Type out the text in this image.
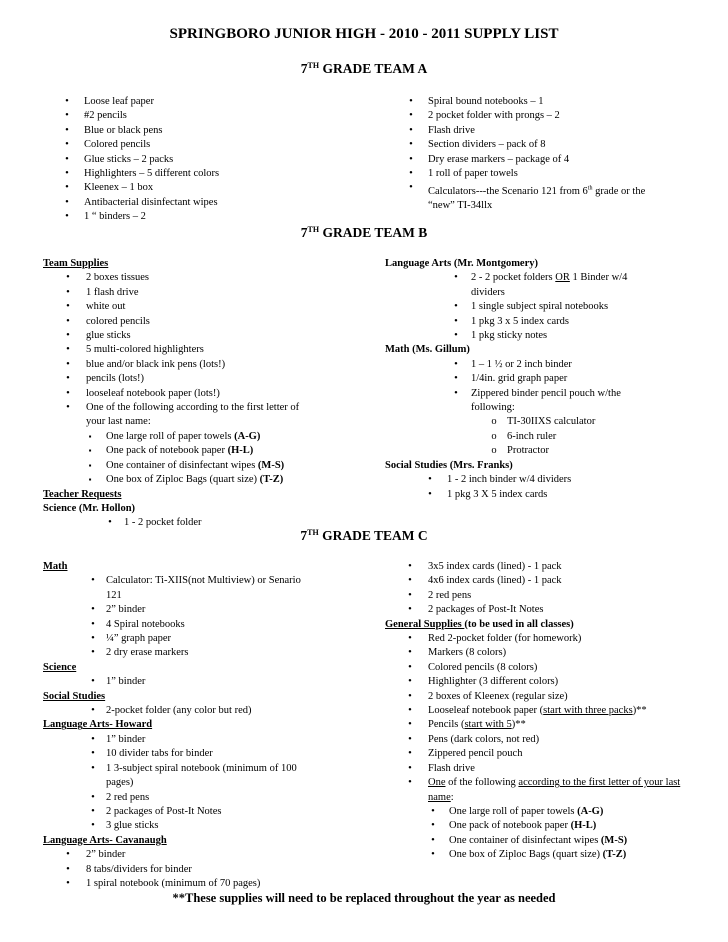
SPRINGBORO JUNIOR HIGH - 2010 - 2011 SUPPLY LIST
7TH GRADE TEAM A
•	Loose leaf paper
•	#2 pencils
•	Blue or black pens
•	Colored pencils
•	Glue sticks – 2 packs
•	Highlighters – 5 different colors
•	Kleenex – 1 box
•	Antibacterial disinfectant wipes
•	1 “ binders – 2
•	Spiral bound notebooks – 1
•	2 pocket folder with prongs – 2
•	Flash drive
•	Section dividers – pack of 8
•	Dry erase markers – package of 4
•	1 roll of paper towels
•	Calculators---the Scenario 121 from 6th grade or the
“new” TI-34llx
7TH GRADE TEAM B
Team Supplies
•	2 boxes tissues
•	1 flash drive
•	white out
•	colored pencils
•	glue sticks
•	5 multi-colored highlighters
•	blue and/or black ink pens (lots!)
•	pencils (lots!)
•	looseleaf notebook paper (lots!)
•	One of the following according to the first letter of
your last name:
▪	One large roll of paper towels (A-G)
▪	One pack of notebook paper (H-L)
▪	One container of disinfectant wipes (M-S)
▪	One box of Ziploc Bags (quart size) (T-Z)
Teacher Requests
Science (Mr. Hollon)
•	1 - 2 pocket folder
Language Arts (Mr. Montgomery)
•	2 - 2 pocket folders OR 1 Binder w/4
dividers
•	1 single subject spiral notebooks
•	1 pkg 3 x 5 index cards
•	1 pkg sticky notes
Math (Ms. Gillum)
•	1 – 1 ½ or 2 inch binder
•	1/4in. grid graph paper
•	Zippered binder pencil pouch w/the
following:
o TI-30IIXS calculator
o 6-inch ruler
o Protractor
Social Studies (Mrs. Franks)
•	1 - 2 inch binder w/4 dividers
•	1 pkg 3 X 5 index cards
7TH GRADE TEAM C
Math
•	Calculator: Ti-XIIS(not Multiview) or Senario
121
•	2” binder
•	4 Spiral notebooks
•	¼” graph paper
•	2 dry erase markers
Science
•	1” binder
Social Studies
•	2-pocket folder (any color but red)
Language Arts- Howard
•	1” binder
•	10 divider tabs for binder
•	1 3-subject spiral notebook (minimum of 100
pages)
•	2 red pens
•	2 packages of Post-It Notes
•	3 glue sticks
Language Arts- Cavanaugh
•	2” binder
•	8 tabs/dividers for binder
•	1 spiral notebook (minimum of 70 pages)
•	3x5 index cards (lined) - 1 pack
•	4x6 index cards (lined) - 1 pack
•	2 red pens
•	2 packages of Post-It Notes
General Supplies (to be used in all classes)
•	Red 2-pocket folder (for homework)
•	Markers (8 colors)
•	Colored pencils (8 colors)
•	Highlighter (3 different colors)
•	2 boxes of Kleenex (regular size)
•	Looseleaf notebook paper (start with three packs)**
•	Pencils (start with 5)**
•	Pens (dark colors, not red)
•	Zippered pencil pouch
•	Flash drive
•	One of the following according to the first letter of your last
name:
•	One large roll of paper towels (A-G)
•	One pack of notebook paper (H-L)
•	One container of disinfectant wipes (M-S)
•	One box of Ziploc Bags (quart size) (T-Z)
**These supplies will need to be replaced throughout the year as needed
